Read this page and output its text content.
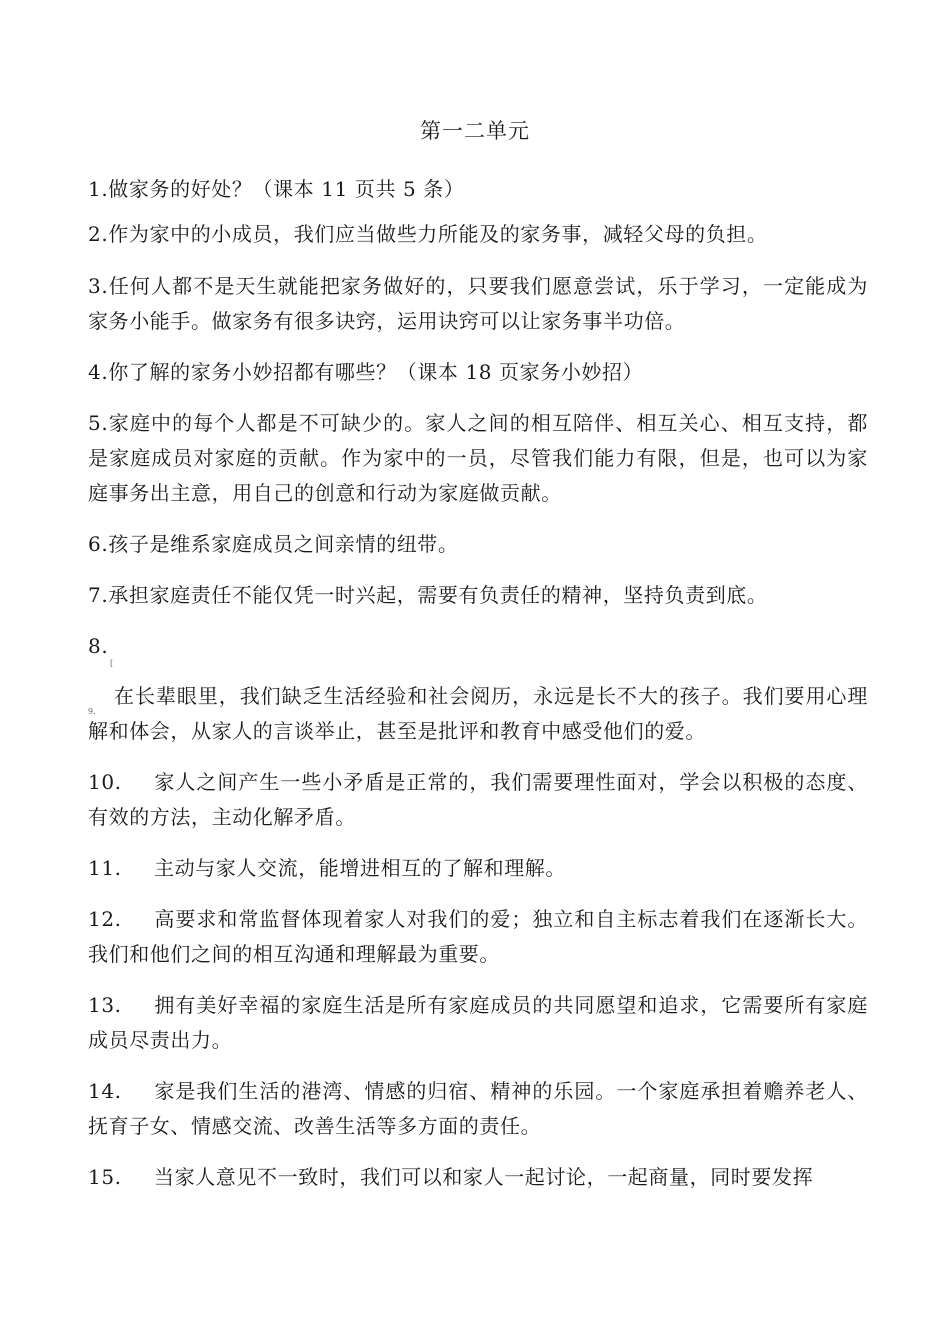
第一二单元
1.做家务的好处？（课本 11 页共 5 条）
2.作为家中的小成员，我们应当做些力所能及的家务事，减轻父母的负担。
3.任何人都不是天生就能把家务做好的，只要我们愿意尝试，乐于学习，一定能成为家务小能手。做家务有很多诀窍，运用诀窍可以让家务事半功倍。
4.你了解的家务小妙招都有哪些？（课本 18 页家务小妙招）
5.家庭中的每个人都是不可缺少的。家人之间的相互陪伴、相互关心、相互支持，都是家庭成员对家庭的贡献。作为家中的一员，尽管我们能力有限，但是，也可以为家庭事务出主意，用自己的创意和行动为家庭做贡献。
6.孩子是维系家庭成员之间亲情的纽带。
7.承担家庭责任不能仅凭一时兴起，需要有负责任的精神，坚持负责到底。
8.
[
9.
在长辈眼里，我们缺乏生活经验和社会阅历，永远是长不大的孩子。我们要用心理解和体会，从家人的言谈举止，甚至是批评和教育中感受他们的爱。
10. 家人之间产生一些小矛盾是正常的，我们需要理性面对，学会以积极的态度、有效的方法，主动化解矛盾。
11. 主动与家人交流，能增进相互的了解和理解。
12. 高要求和常监督体现着家人对我们的爱；独立和自主标志着我们在逐渐长大。我们和他们之间的相互沟通和理解最为重要。
13. 拥有美好幸福的家庭生活是所有家庭成员的共同愿望和追求，它需要所有家庭成员尽责出力。
14. 家是我们生活的港湾、情感的归宿、精神的乐园。一个家庭承担着赡养老人、抚育子女、情感交流、改善生活等多方面的责任。
15. 当家人意见不一致时，我们可以和家人一起讨论，一起商量，同时要发挥
